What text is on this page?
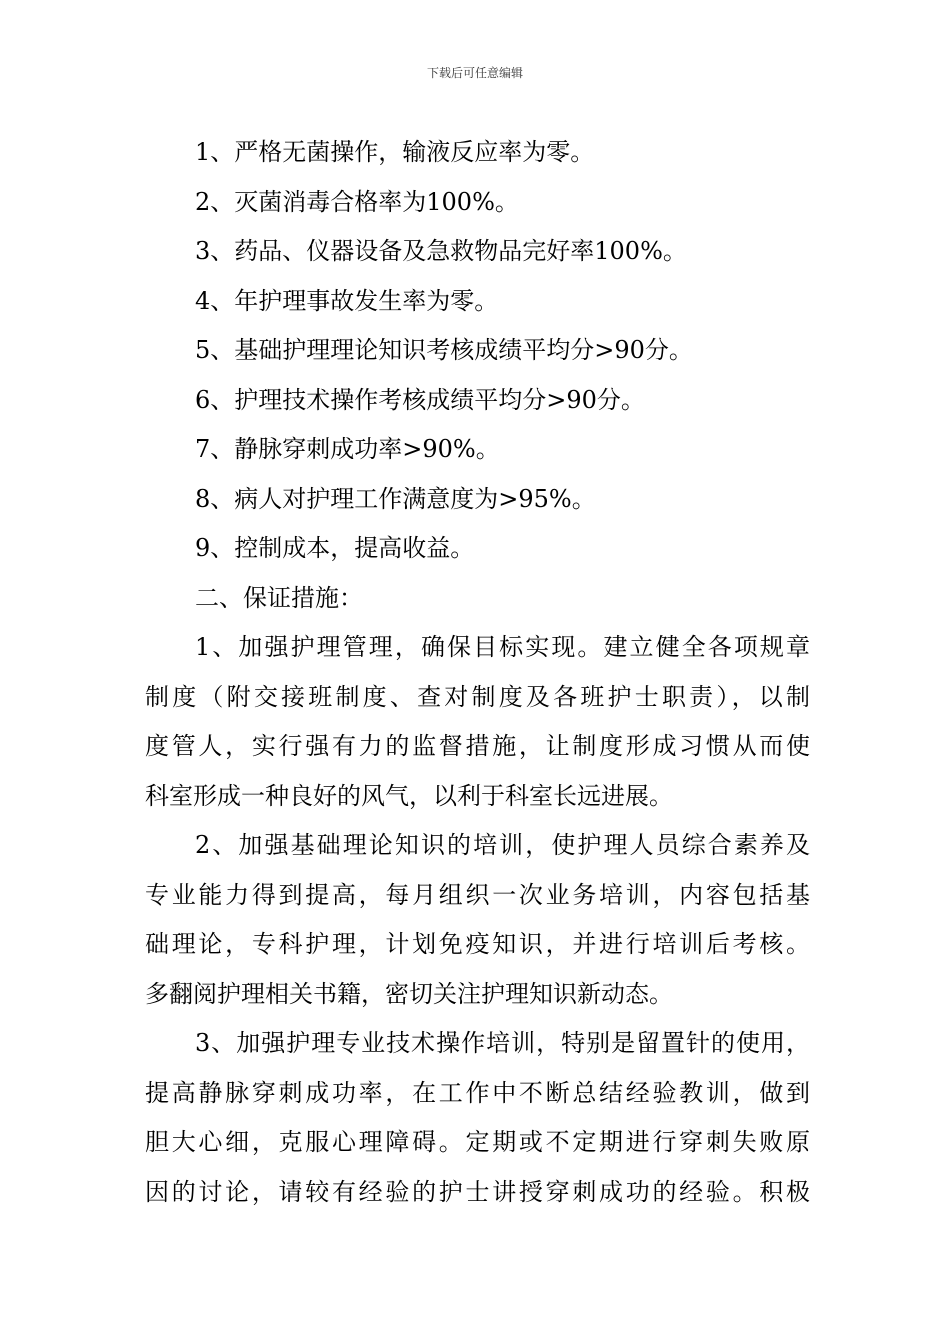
下载后可任意编辑
1、严格无菌操作，输液反应率为零。
2、灭菌消毒合格率为100%。
3、药品、仪器设备及急救物品完好率100%。
4、年护理事故发生率为零。
5、基础护理理论知识考核成绩平均分>90分。
6、护理技术操作考核成绩平均分>90分。
7、静脉穿刺成功率>90%。
8、病人对护理工作满意度为>95%。
9、控制成本，提高收益。
二、保证措施：
1、加强护理管理，确保目标实现。建立健全各项规章
制度（附交接班制度、查对制度及各班护士职责），以制
度管人，实行强有力的监督措施，让制度形成习惯从而使
科室形成一种良好的风气，以利于科室长远进展。
2、加强基础理论知识的培训，使护理人员综合素养及
专业能力得到提高，每月组织一次业务培训，内容包括基
础理论，专科护理，计划免疫知识，并进行培训后考核。
多翻阅护理相关书籍，密切关注护理知识新动态。
3、加强护理专业技术操作培训，特别是留置针的使用，
提高静脉穿刺成功率，在工作中不断总结经验教训，做到
胆大心细，克服心理障碍。定期或不定期进行穿刺失败原
因的讨论，请较有经验的护士讲授穿刺成功的经验。积极
